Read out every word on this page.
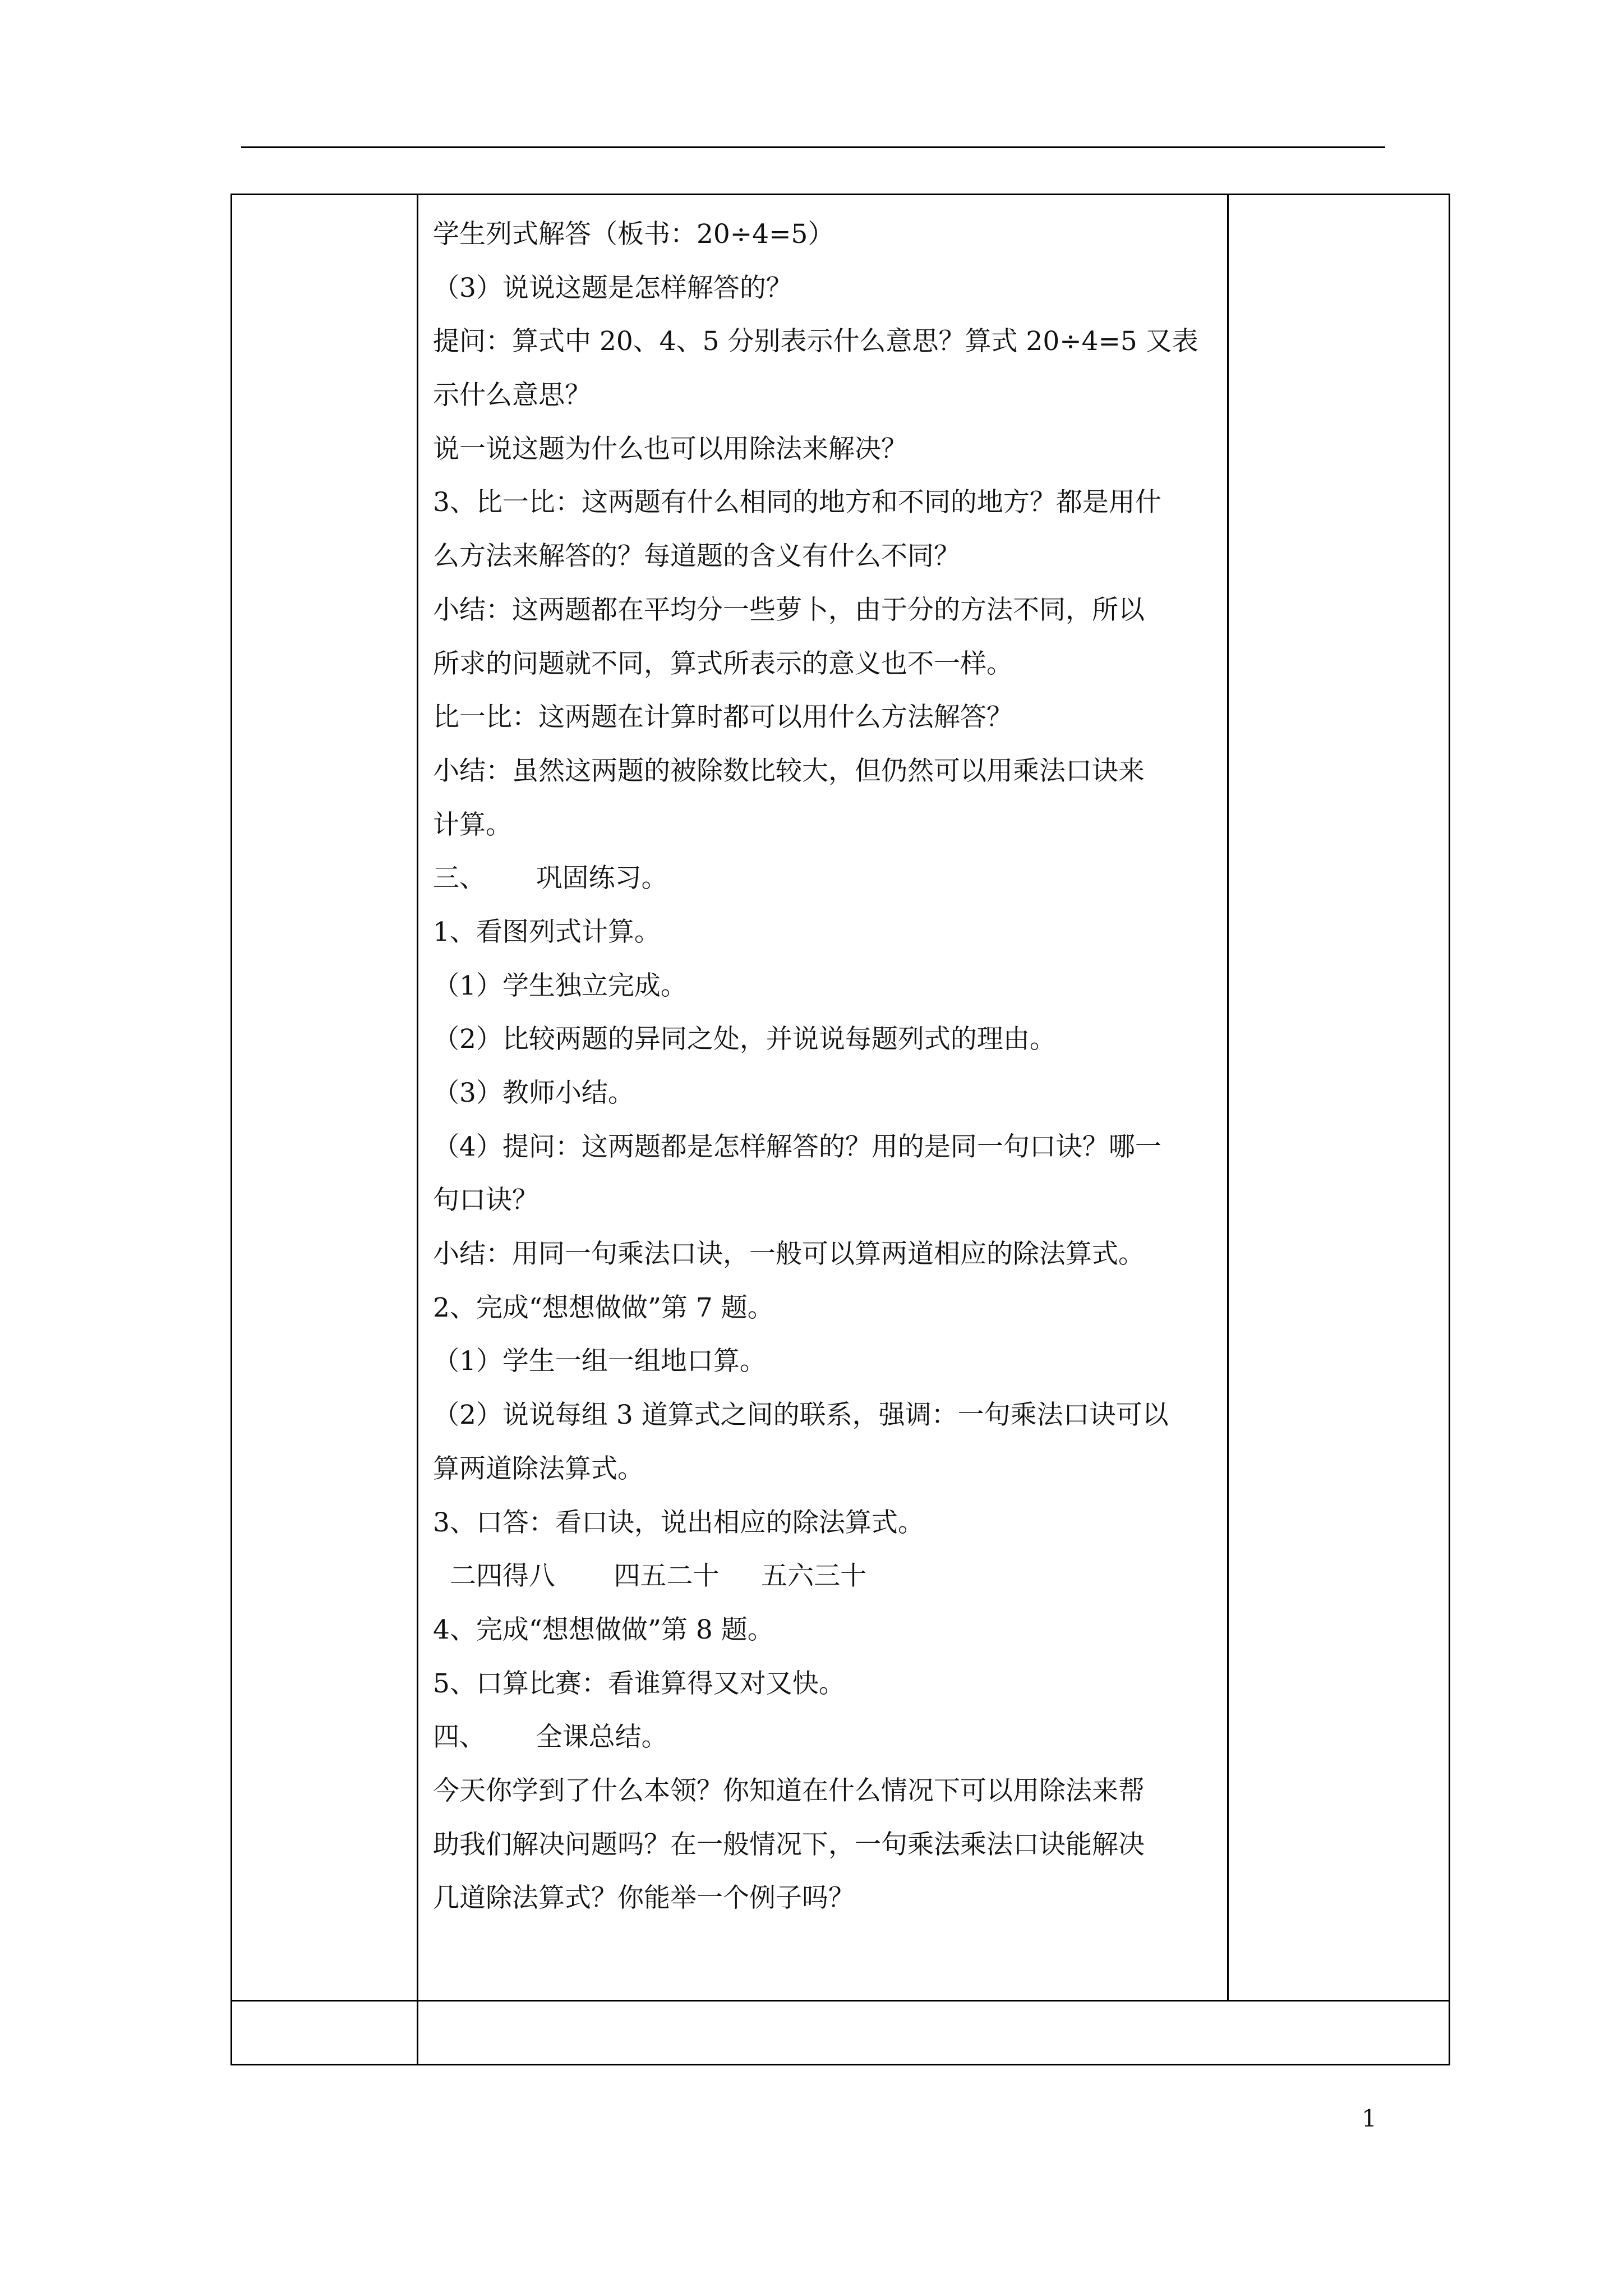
学生列式解答（板书：20÷4=5）
（3）说说这题是怎样解答的？
提问：算式中 20、4、5 分别表示什么意思？算式 20÷4=5 又表
示什么意思？
说一说这题为什么也可以用除法来解决？
3、比一比：这两题有什么相同的地方和不同的地方？都是用什
么方法来解答的？每道题的含义有什么不同？
小结：这两题都在平均分一些萝卜，由于分的方法不同，所以
所求的问题就不同，算式所表示的意义也不一样。
比一比：这两题在计算时都可以用什么方法解答？
小结：虽然这两题的被除数比较大，但仍然可以用乘法口诀来
计算。
三、      巩固练习。
1、看图列式计算。
（1）学生独立完成。
（2）比较两题的异同之处，并说说每题列式的理由。
（3）教师小结。
（4）提问：这两题都是怎样解答的？用的是同一句口诀？哪一
句口诀？
小结：用同一句乘法口诀，一般可以算两道相应的除法算式。
2、完成“想想做做”第 7 题。
（1）学生一组一组地口算。
（2）说说每组 3 道算式之间的联系，强调：一句乘法口诀可以
算两道除法算式。
3、口答：看口诀，说出相应的除法算式。
二四得八       四五二十     五六三十
4、完成“想想做做”第 8 题。
5、口算比赛：看谁算得又对又快。
四、      全课总结。
今天你学到了什么本领？你知道在什么情况下可以用除法来帮
助我们解决问题吗？在一般情况下，一句乘法乘法口诀能解决
几道除法算式？你能举一个例子吗？
1
